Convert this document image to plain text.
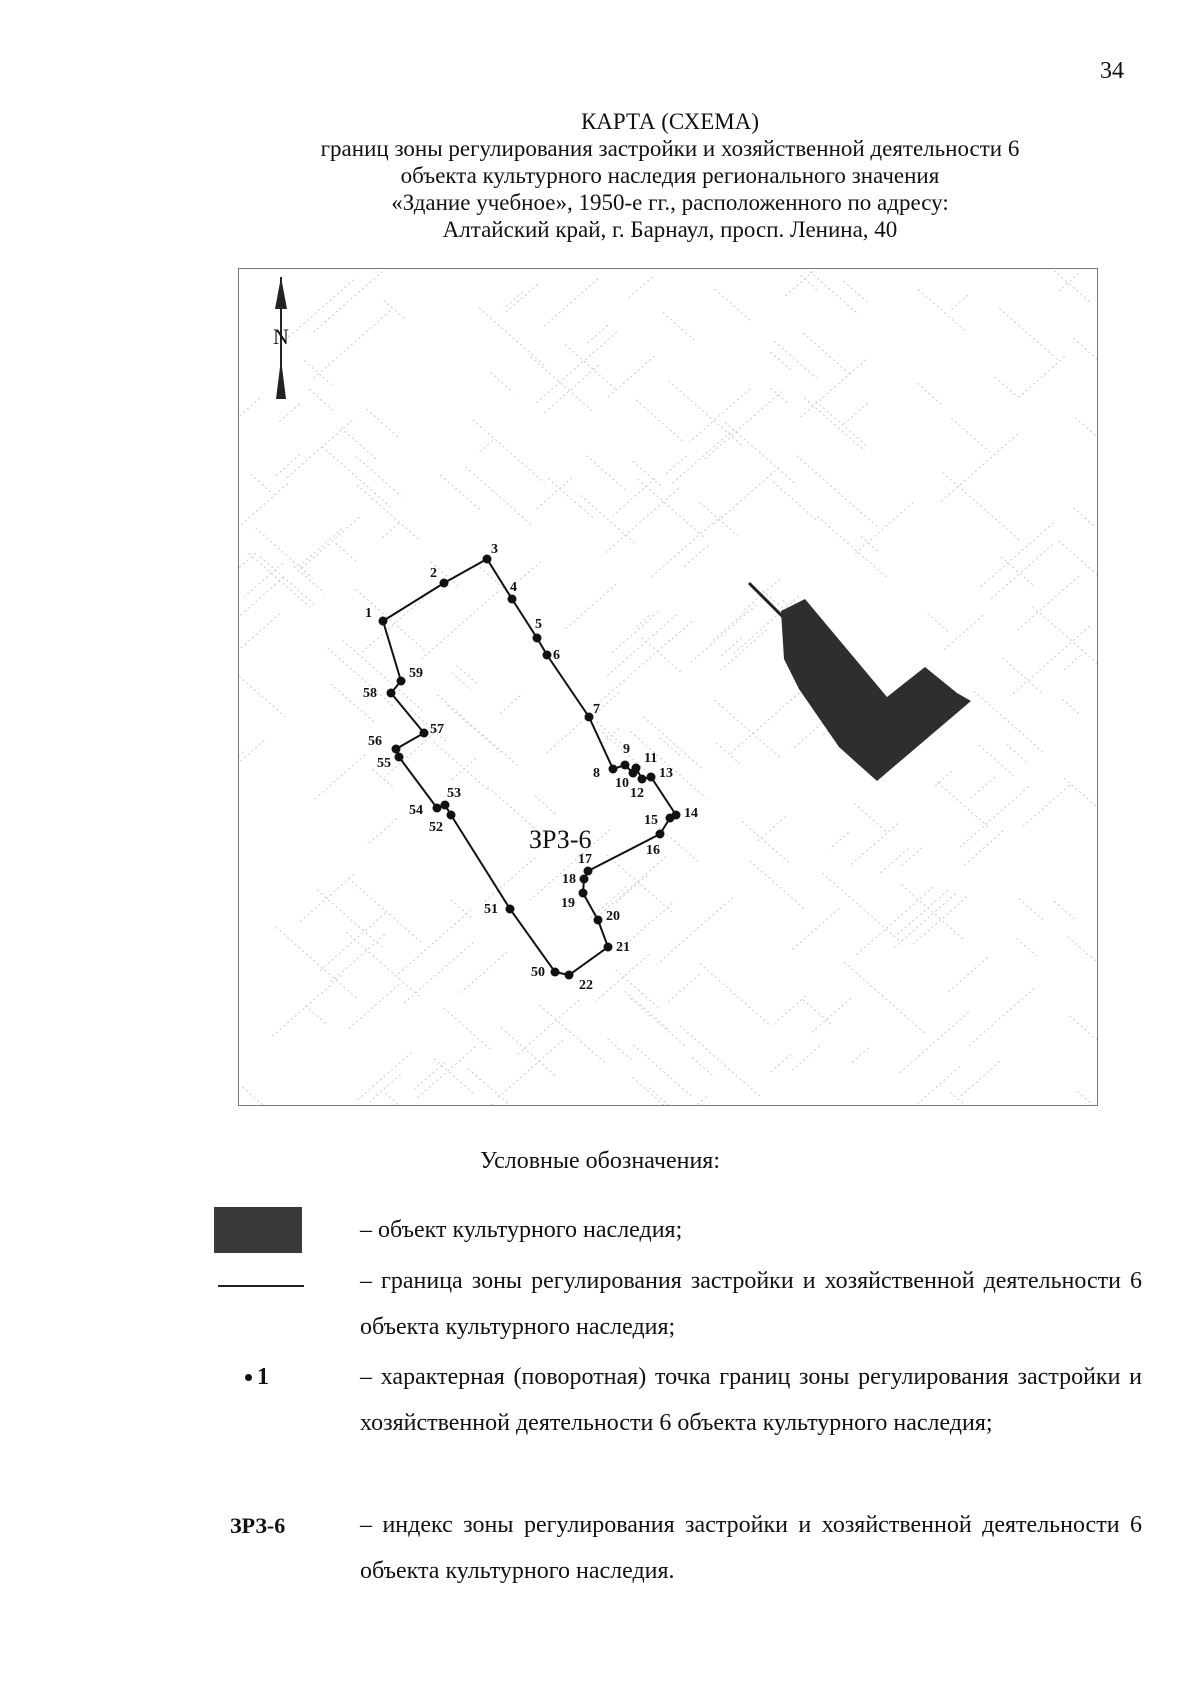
34
КАРТА (СХЕМА)
границ зоны регулирования застройки и хозяйственной деятельности 6
объекта культурного наследия регионального значения
«Здание учебное», 1950-е гг., расположенного по адресу:
Алтайский край, г. Барнаул, просп. Ленина, 40
N
1
2
3
4
5
6
7
8
9
10
11
12
13
14
15
16
17
18
19
20
21
22
50
51
52
53
54
55
56
57
58
59
ЗРЗ-6
Условные обозначения:
– объект культурного наследия;
– граница зоны регулирования застройки и хозяйственной деятельности 6 объекта культурного наследия;
1	– характерная (поворотная) точка границ зоны регулирования застройки и хозяйственной деятельности 6 объекта культурного наследия;
ЗРЗ-6	– индекс зоны регулирования застройки и хозяйственной деятельности 6 объекта культурного наследия.
